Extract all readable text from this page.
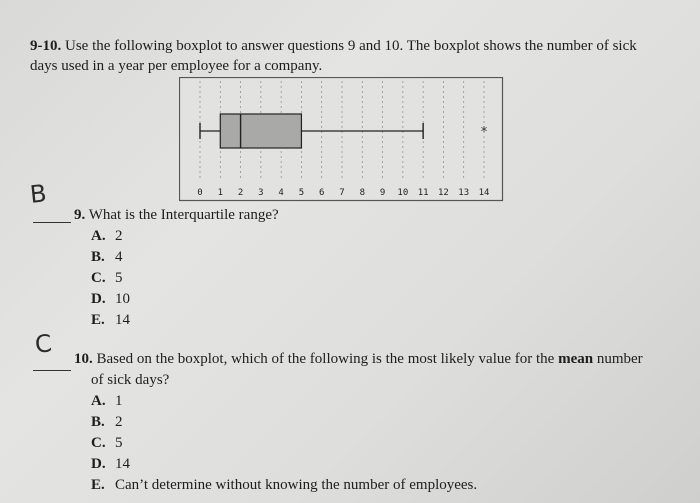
9-10. Use the following boxplot to answer questions 9 and 10. The boxplot shows the number of sick
days used in a year per employee for a company.
*
0 1 2 3 4 5 6 7 8 9 10 11 12 13 14
B
9. What is the Interquartile range?
A. 2
B. 4
C. 5
D. 10
E. 14
C
10. Based on the boxplot, which of the following is the most likely value for the mean number
of sick days?
A. 1
B. 2
C. 5
D. 14
E. Can’t determine without knowing the number of employees.
